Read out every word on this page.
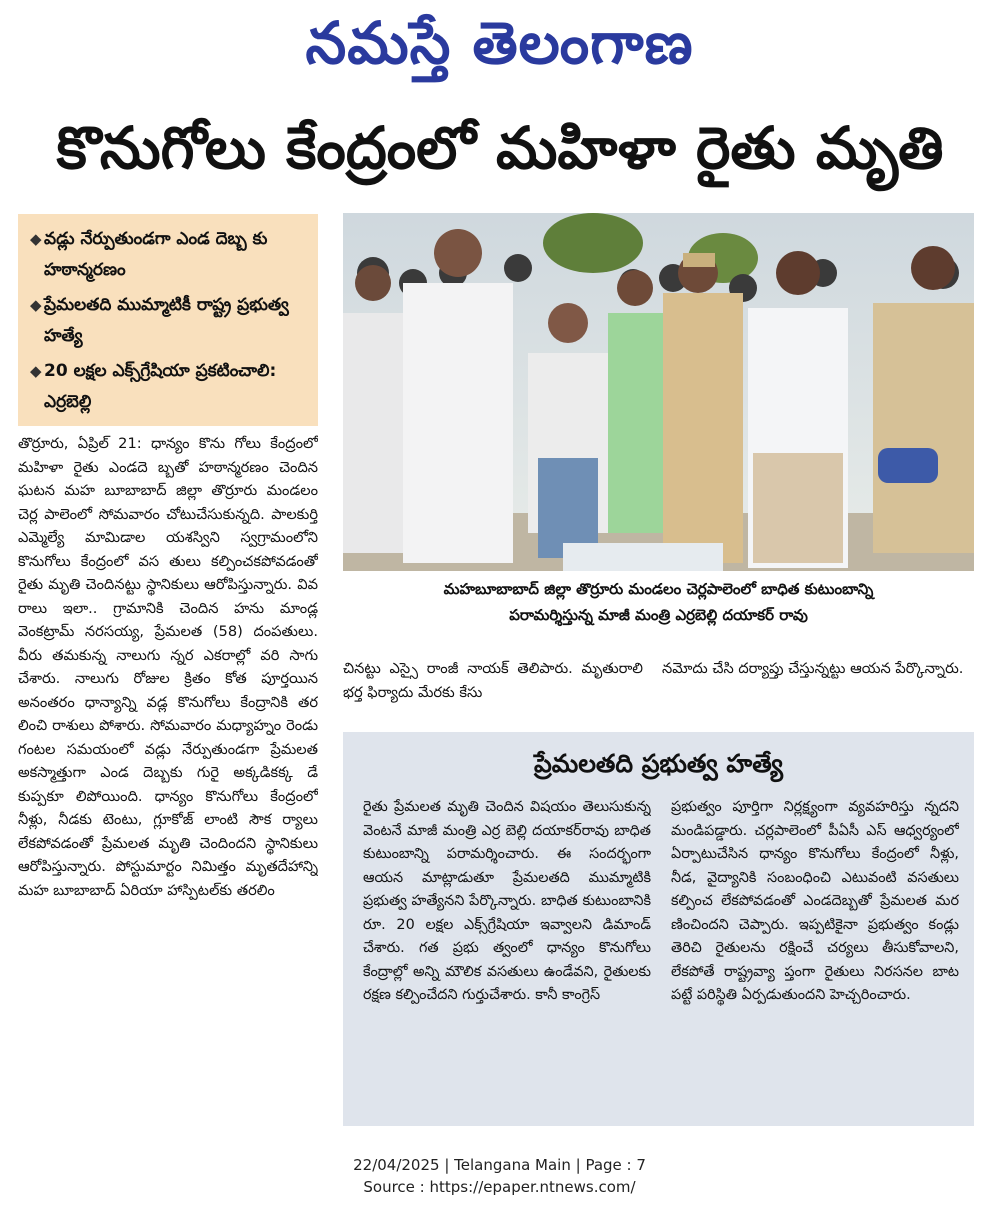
నమస్తే తెలంగాణ
కొనుగోలు కేంద్రంలో మహిళా రైతు మృతి
◆ వడ్లు నేర్పుతుండగా ఎండ దెబ్బ కు హఠాన్మరణం
◆ ప్రేమలతది ముమ్మాటికీ రాష్ట్ర ప్రభుత్వ హత్యే
◆ 20 లక్షల ఎక్స్‌గ్రేషియా ప్రకటించాలి: ఎర్రబెల్లి
మహబూబాబాద్ జిల్లా తొర్రూరు మండలం చెర్లపాలెంలో బాధిత కుటుంబాన్ని
పరామర్శిస్తున్న మాజీ మంత్రి ఎర్రబెల్లి దయాకర్ రావు
తొర్రూరు, ఏప్రిల్ 21: ధాన్యం కొను గోలు కేంద్రంలో మహిళా రైతు ఎండదె బ్బతో హఠాన్మరణం చెందిన ఘటన మహ బూబాబాద్ జిల్లా తొర్రూరు మండలం చెర్ల పాలెంలో సోమవారం చోటుచేసుకున్నది. పాలకుర్తి ఎమ్మెల్యే మామిడాల యశస్విని స్వగ్రామంలోని కొనుగోలు కేంద్రంలో వస తులు కల్పించకపోవడంతో రైతు మృతి చెందినట్టు స్థానికులు ఆరోపిస్తున్నారు. వివ రాలు ఇలా.. గ్రామానికి చెందిన హను మాండ్ల వెంకట్రామ్ నరసయ్య, ప్రేమలత (58) దంపతులు. వీరు తమకున్న నాలుగు న్నర ఎకరాల్లో వరి సాగు చేశారు. నాలుగు రోజుల క్రితం కోత పూర్తయిన అనంతరం ధాన్యాన్ని వడ్ల కొనుగోలు కేంద్రానికి తర లించి రాశులు పోశారు. సోమవారం మధ్యాహ్నం రెండు గంటల సమయంలో వడ్లు నేర్పుతుండగా ప్రేమలత అకస్మాత్తుగా ఎండ దెబ్బకు గురై అక్కడికక్క డే కుప్పకూ లిపోయింది. ధాన్యం కొనుగోలు కేంద్రంలో నీళ్లు, నీడకు టెంటు, గ్లూకోజ్ లాంటి సౌక ర్యాలు లేకపోవడంతో ప్రేమలత మృతి చెందిందని స్థానికులు ఆరోపిస్తున్నారు. పోస్టుమార్టం నిమిత్తం మృతదేహాన్ని మహ బూబాబాద్ ఏరియా హాస్పిటల్‌కు తరలిం
చినట్టు ఎస్సై రాంజీ నాయక్ తెలిపారు. మృతురాలి భర్త ఫిర్యాదు మేరకు కేసు
నమోదు చేసి దర్యాప్తు చేస్తున్నట్టు ఆయన పేర్కొన్నారు.
ప్రేమలతది ప్రభుత్వ హత్యే
రైతు ప్రేమలత మృతి చెందిన విషయం తెలుసుకున్న వెంటనే మాజీ మంత్రి ఎర్ర బెల్లి దయాకర్‌రావు బాధిత కుటుంబాన్ని పరామర్శించారు. ఈ సందర్భంగా ఆయన మాట్లాడుతూ ప్రేమలతది ముమ్మాటికి ప్రభుత్వ హత్యేనని పేర్కొన్నారు. బాధిత కుటుంబానికి రూ. 20 లక్షల ఎక్స్‌గ్రేషియా ఇవ్వాలని డిమాండ్ చేశారు. గత ప్రభు త్వంలో ధాన్యం కొనుగోలు కేంద్రాల్లో అన్ని మౌలిక వసతులు ఉండేవని, రైతులకు రక్షణ కల్పించేదని గుర్తుచేశారు. కానీ కాంగ్రెస్
ప్రభుత్వం పూర్తిగా నిర్లక్ష్యంగా వ్యవహరిస్తు న్నదని మండిపడ్డారు. చర్లపాలెంలో పీఏసీ ఎస్ ఆధ్వర్యంలో ఏర్పాటుచేసిన ధాన్యం కొనుగోలు కేంద్రంలో నీళ్లు, నీడ, వైద్యానికి సంబంధించి ఎటువంటి వసతులు కల్పించ లేకపోవడంతో ఎండదెబ్బతో ప్రేమలత మర ణించిందని చెప్పారు. ఇప్పటికైనా ప్రభుత్వం కండ్లు తెరిచి రైతులను రక్షించే చర్యలు తీసుకోవాలని, లేకపోతే రాష్ట్రవ్యా ప్తంగా రైతులు నిరసనల బాట పట్టే పరిస్థితి ఏర్పడుతుందని హెచ్చరించారు.
22/04/2025 | Telangana Main | Page : 7
Source : https://epaper.ntnews.com/
